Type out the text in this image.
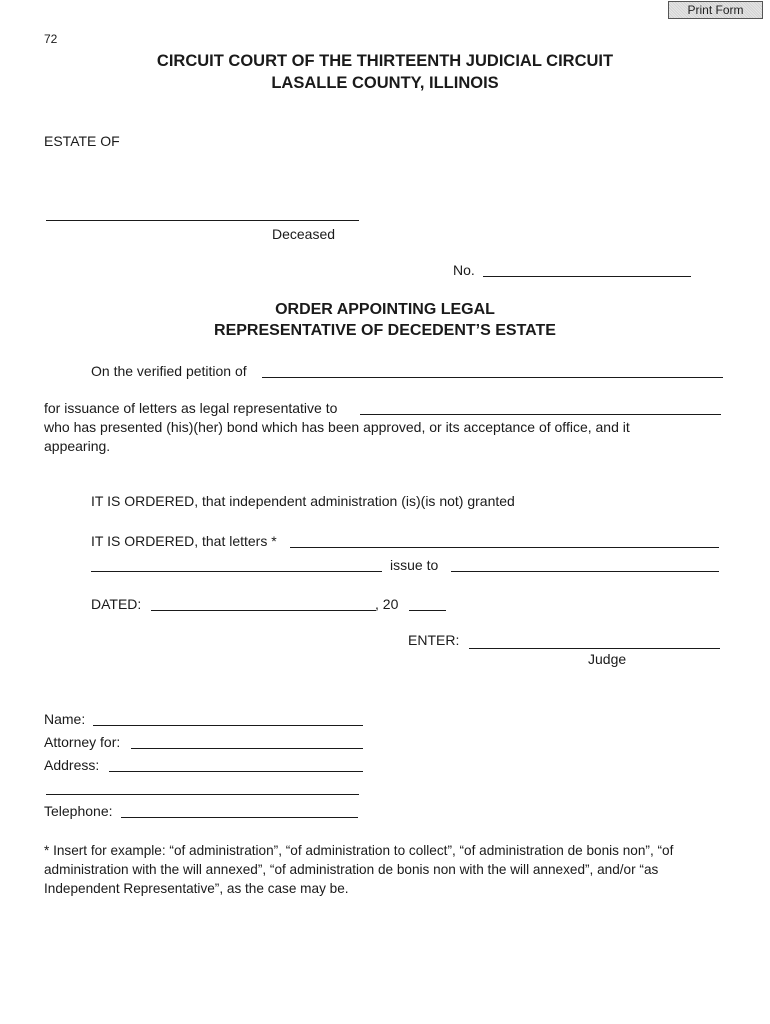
Print Form
72
CIRCUIT COURT OF THE THIRTEENTH JUDICIAL CIRCUIT
LASALLE COUNTY, ILLINOIS
ESTATE OF
Deceased
No.
ORDER APPOINTING LEGAL
REPRESENTATIVE OF DECEDENT’S ESTATE
On the verified petition of
for issuance of letters as legal representative to
who has presented (his)(her) bond which has been approved, or its acceptance of office, and it
appearing.
IT IS ORDERED, that independent administration (is)(is not) granted
IT IS ORDERED, that letters *
issue to
DATED:	, 20
ENTER:
Judge
Name:
Attorney for:
Address:
Telephone:
* Insert for example: “of administration”, “of administration to collect”, “of administration de bonis non”, “of
administration with the will annexed”, “of administration de bonis non with the will annexed”, and/or “as
Independent Representative”, as the case may be.
